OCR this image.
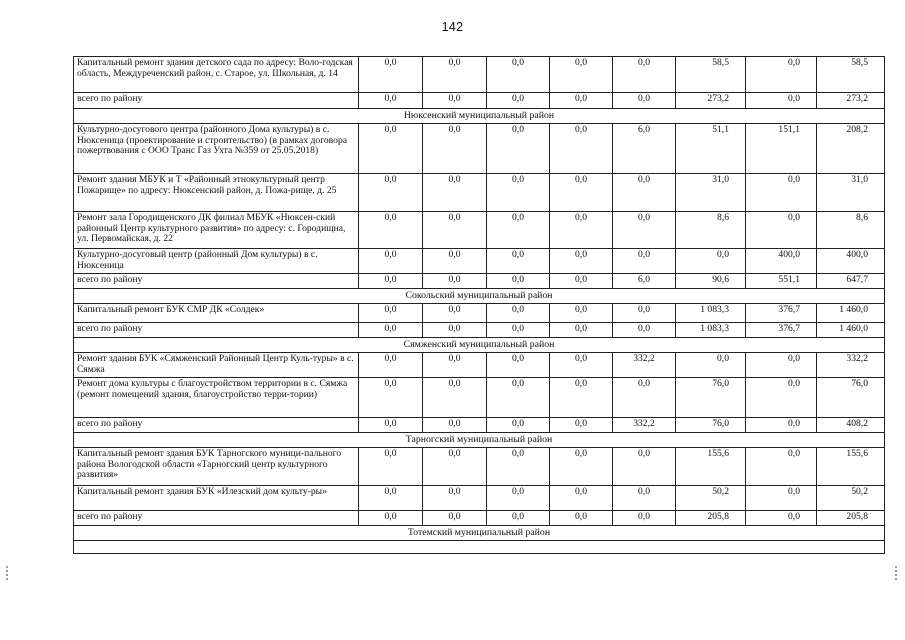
142
Капитальный ремонт здания детского сада по адресу: Воло-годская область, Междуреченский район, с. Старое, ул. Школьная, д. 14	0,0	0,0	0,0	0,0	0,0	58,5	0,0	58,5
всего по району	0,0	0,0	0,0	0,0	0,0	273,2	0,0	273,2
Нюксенский муниципальный район								
Культурно-досугового центра (районного Дома культуры) в с. Нюксеница (проектирование и строительство) (в рамках договора пожертвования с ООО Транс Газ Ухта №359 от 25.05.2018)	0,0	0,0	0,0	0,0	6,0	51,1	151,1	208,2
Ремонт здания МБУК и Т «Районный этнокультурный центр Пожарище» по адресу: Нюксенский район, д. Пожа-рище, д. 25	0,0	0,0	0,0	0,0	0,0	31,0	0,0	31,0
Ремонт зала Городищенского ДК филиал МБУК «Нюксен-ский районный Центр культурного развития» по адресу: с. Городищна, ул. Первомайская, д. 22	0,0	0,0	0,0	0,0	0,0	8,6	0,0	8,6
Культурно-досуговый центр (районный Дом культуры) в с. Нюксеница	0,0	0,0	0,0	0,0	0,0	0,0	400,0	400,0
всего по району	0,0	0,0	0,0	0,0	6,0	90,6	551,1	647,7
Сокольский муниципальный район								
Капитальный ремонт БУК СМР ДК «Солдек»	0,0	0,0	0,0	0,0	0,0	1 083,3	376,7	1 460,0
всего по району	0,0	0,0	0,0	0,0	0,0	1 083,3	376,7	1 460,0
Сямженский муниципальный район								
Ремонт здания БУК «Сямженский Районный Центр Куль-туры» в с. Сямжа	0,0	0,0	0,0	0,0	332,2	0,0	0,0	332,2
Ремонт дома культуры с благоустройством территории в с. Сямжа (ремонт помещений здания, благоустройство терри-тории)	0,0	0,0	0,0	0,0	0,0	76,0	0,0	76,0
всего по району	0,0	0,0	0,0	0,0	332,2	76,0	0,0	408,2
Тарногский муниципальный район								
Капитальный ремонт здания БУК Тарногского муници-пального района Вологодской области «Тарногский центр культурного развития»	0,0	0,0	0,0	0,0	0,0	155,6	0,0	155,6
Капитальный ремонт здания БУК «Илезский дом культу-ры»	0,0	0,0	0,0	0,0	0,0	50,2	0,0	50,2
всего по району	0,0	0,0	0,0	0,0	0,0	205,8	0,0	205,8
Тотемский муниципальный район								
